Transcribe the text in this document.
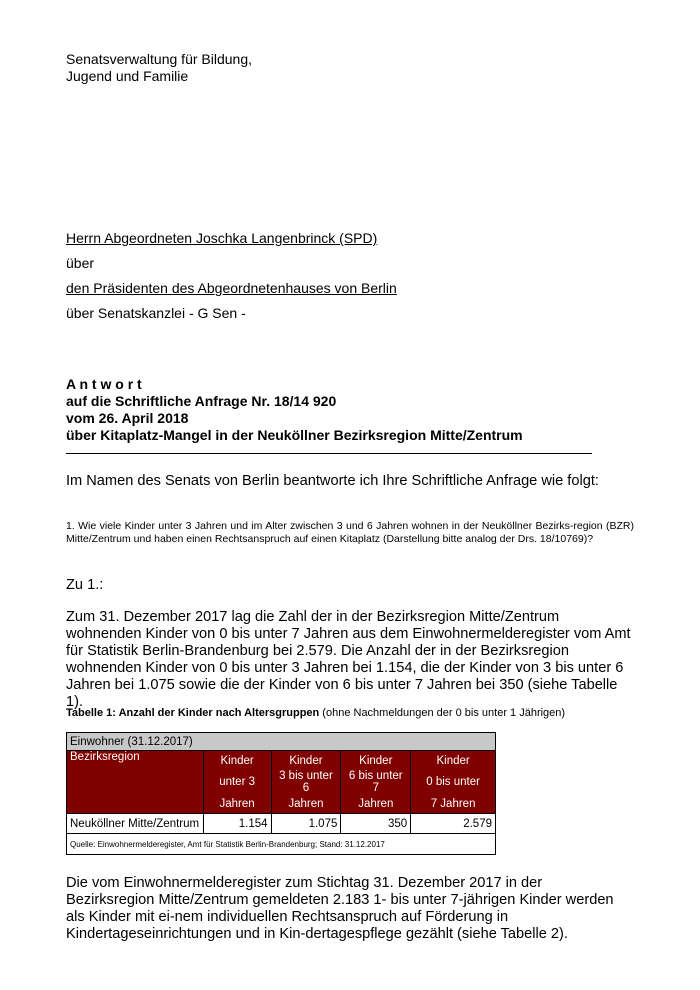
Senatsverwaltung für Bildung,
Jugend und Familie
Herrn Abgeordneten Joschka Langenbrinck (SPD)
über
den Präsidenten des Abgeordnetenhauses von Berlin
über Senatskanzlei - G Sen -
A n t w o r t
auf die Schriftliche Anfrage Nr. 18/14 920
vom 26. April 2018
über Kitaplatz-Mangel in der Neuköllner Bezirksregion Mitte/Zentrum
Im Namen des Senats von Berlin beantworte ich Ihre Schriftliche Anfrage wie folgt:
1. Wie viele Kinder unter 3 Jahren und im Alter zwischen 3 und 6 Jahren wohnen in der Neuköllner Bezirks-region (BZR) Mitte/Zentrum und haben einen Rechtsanspruch auf einen Kitaplatz (Darstellung bitte analog der Drs. 18/10769)?
Zu 1.:
Zum 31. Dezember 2017 lag die Zahl der in der Bezirksregion Mitte/Zentrum wohnenden Kinder von 0 bis unter 7 Jahren aus dem Einwohnermelderegister vom Amt für Statistik Berlin-Brandenburg bei 2.579. Die Anzahl der in der Bezirksregion wohnenden Kinder von 0 bis unter 3 Jahren bei 1.154, die der Kinder von 3 bis unter 6 Jahren bei 1.075 sowie die der Kinder von 6 bis unter 7 Jahren bei 350 (siehe Tabelle 1).
Tabelle 1: Anzahl der Kinder nach Altersgruppen (ohne Nachmeldungen der 0 bis unter 1 Jährigen)
Einwohner (31.12.2017)				
Bezirksregion	Kinder	Kinder	Kinder	Kinder
	unter 3	3 bis unter 6	6 bis unter 7	0 bis unter
	Jahren	Jahren	Jahren	7 Jahren
Neuköllner Mitte/Zentrum	1.154	1.075	350	2.579
Quelle: Einwohnermelderegister, Amt für Statistik Berlin-Brandenburg; Stand: 31.12.2017				
Die vom Einwohnermelderegister zum Stichtag 31. Dezember 2017 in der Bezirksregion Mitte/Zentrum gemeldeten 2.183 1- bis unter 7-jährigen Kinder werden als Kinder mit ei-nem individuellen Rechtsanspruch auf Förderung in Kindertageseinrichtungen und in Kin-dertagespflege gezählt (siehe Tabelle 2).
